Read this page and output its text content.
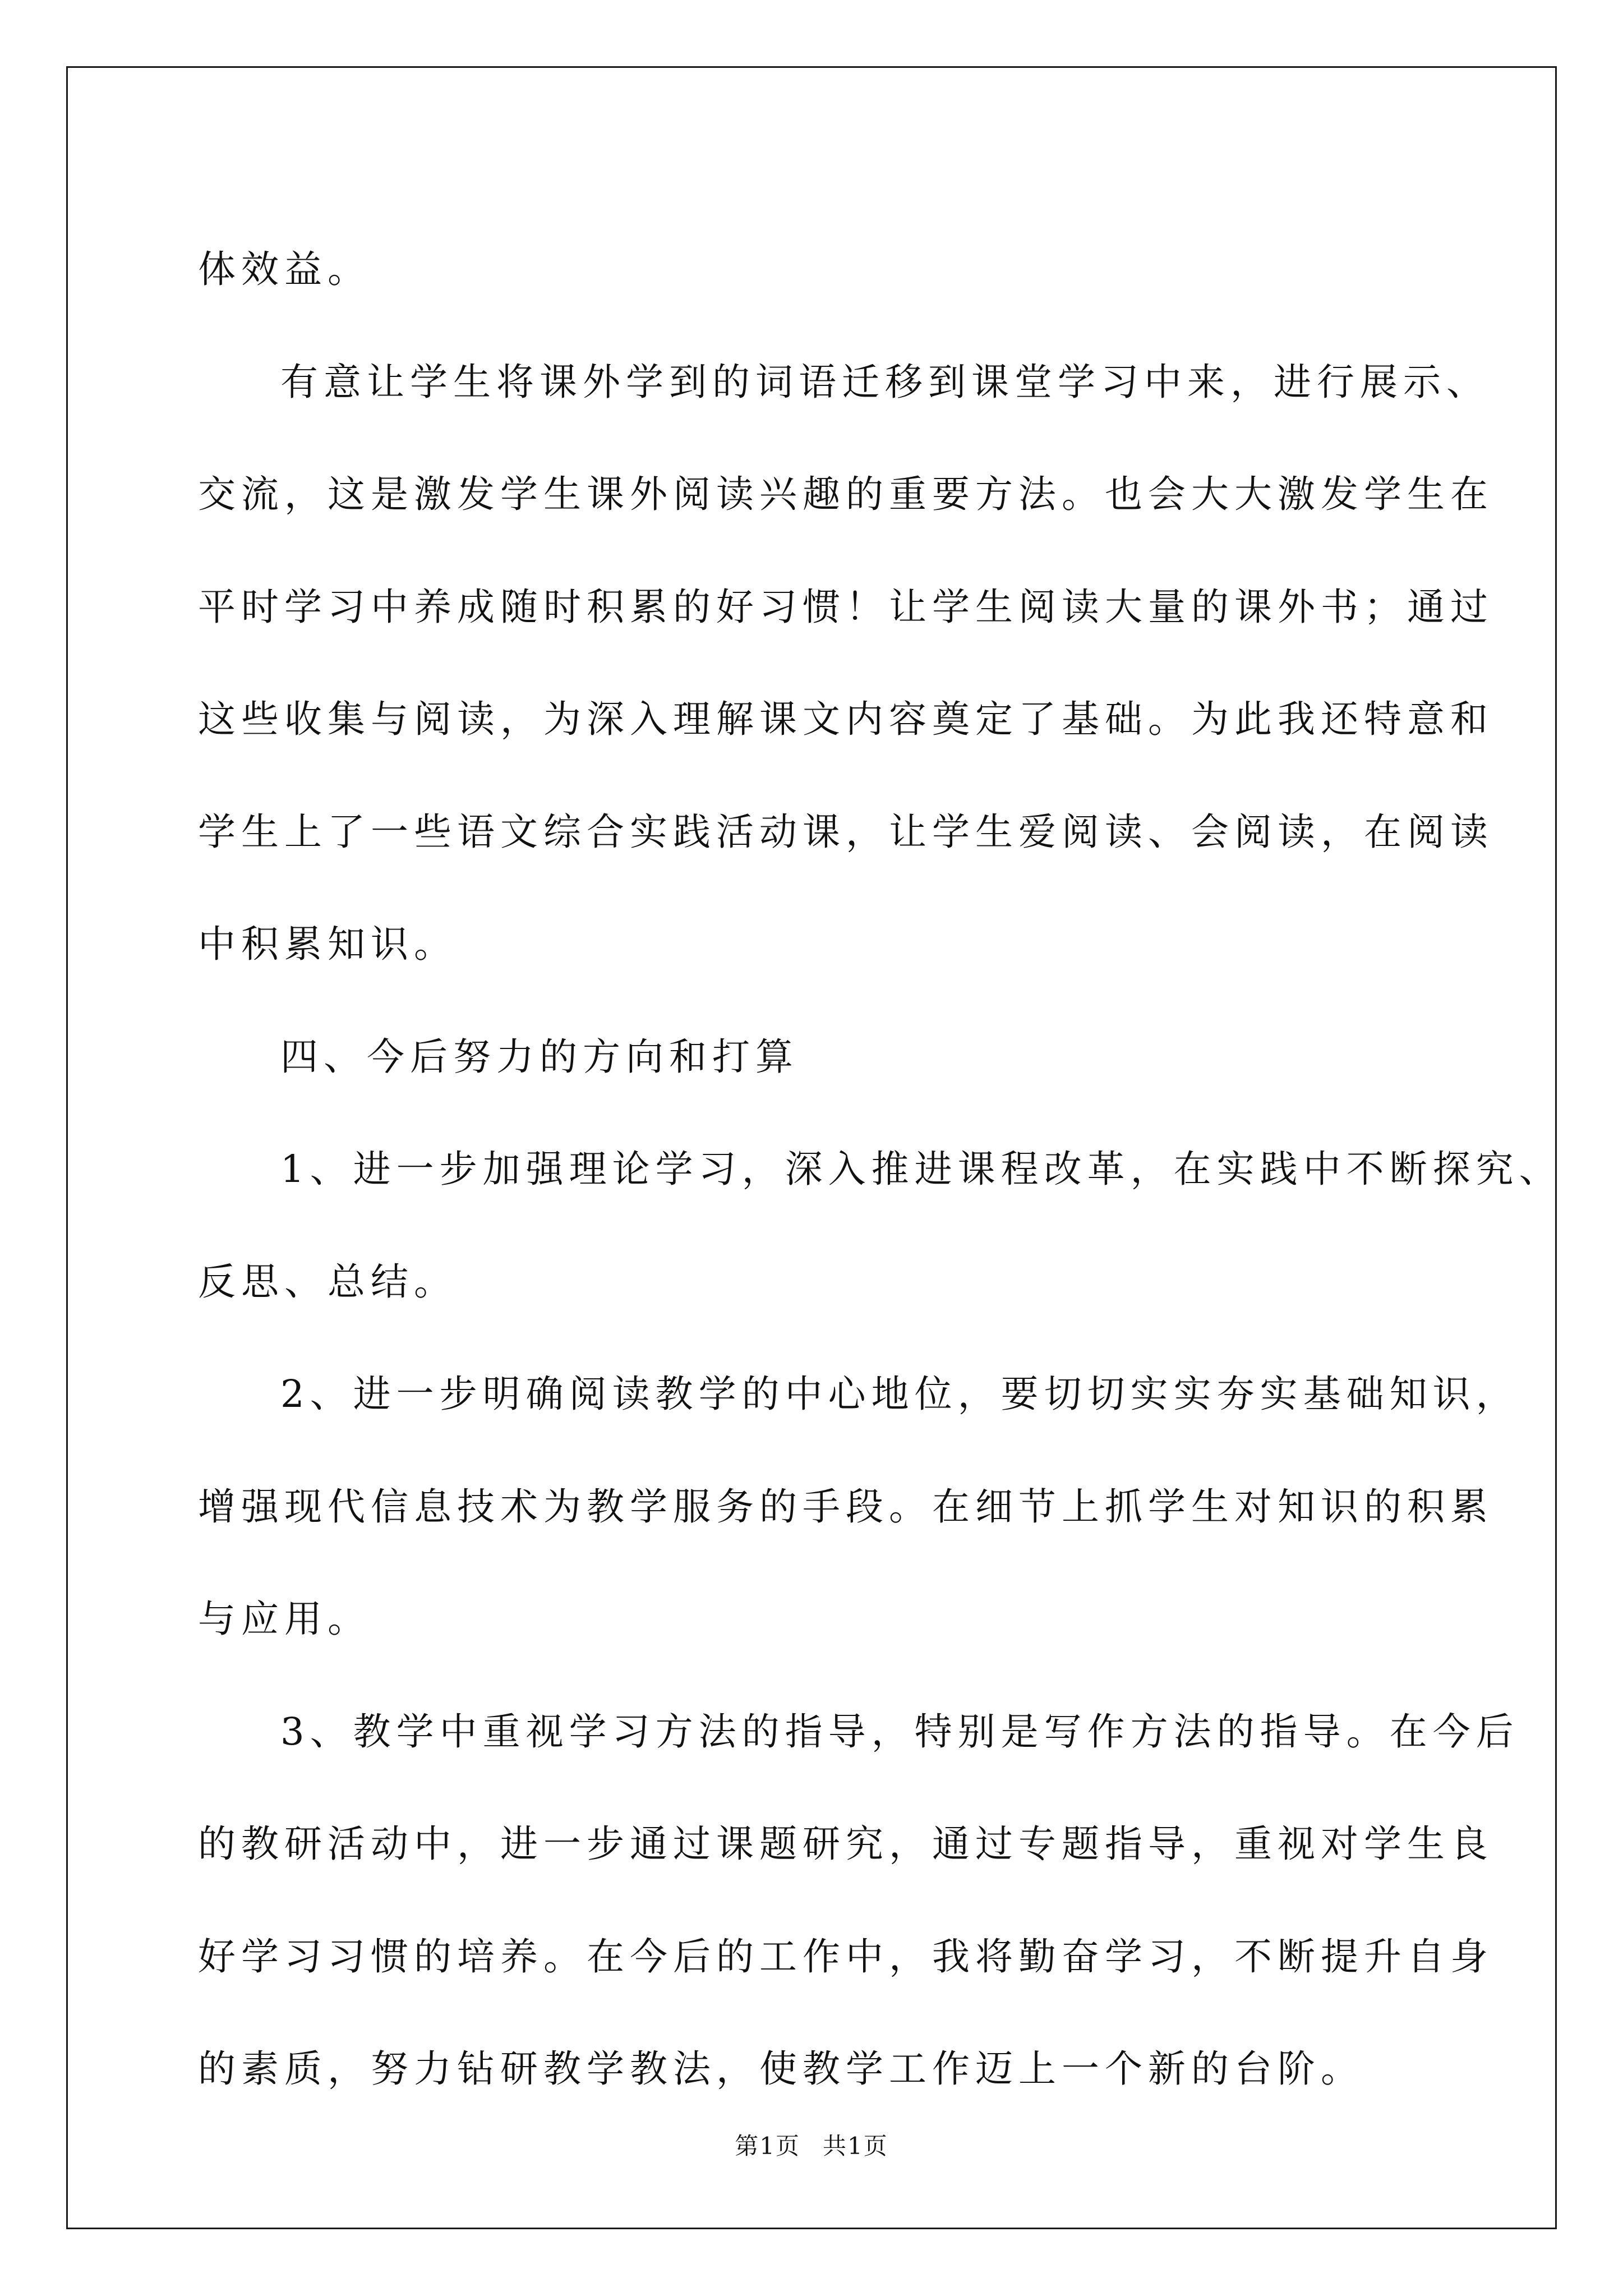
体效益。
有意让学生将课外学到的词语迁移到课堂学习中来，进行展示、
交流，这是激发学生课外阅读兴趣的重要方法。也会大大激发学生在
平时学习中养成随时积累的好习惯！让学生阅读大量的课外书；通过
这些收集与阅读，为深入理解课文内容奠定了基础。为此我还特意和
学生上了一些语文综合实践活动课，让学生爱阅读、会阅读，在阅读
中积累知识。
四、今后努力的方向和打算
1、进一步加强理论学习，深入推进课程改革，在实践中不断探究、
反思、总结。
2、进一步明确阅读教学的中心地位，要切切实实夯实基础知识，
增强现代信息技术为教学服务的手段。在细节上抓学生对知识的积累
与应用。
3、教学中重视学习方法的指导，特别是写作方法的指导。在今后
的教研活动中，进一步通过课题研究，通过专题指导，重视对学生良
好学习习惯的培养。在今后的工作中，我将勤奋学习，不断提升自身
的素质，努力钻研教学教法，使教学工作迈上一个新的台阶。
第1页 共1页
